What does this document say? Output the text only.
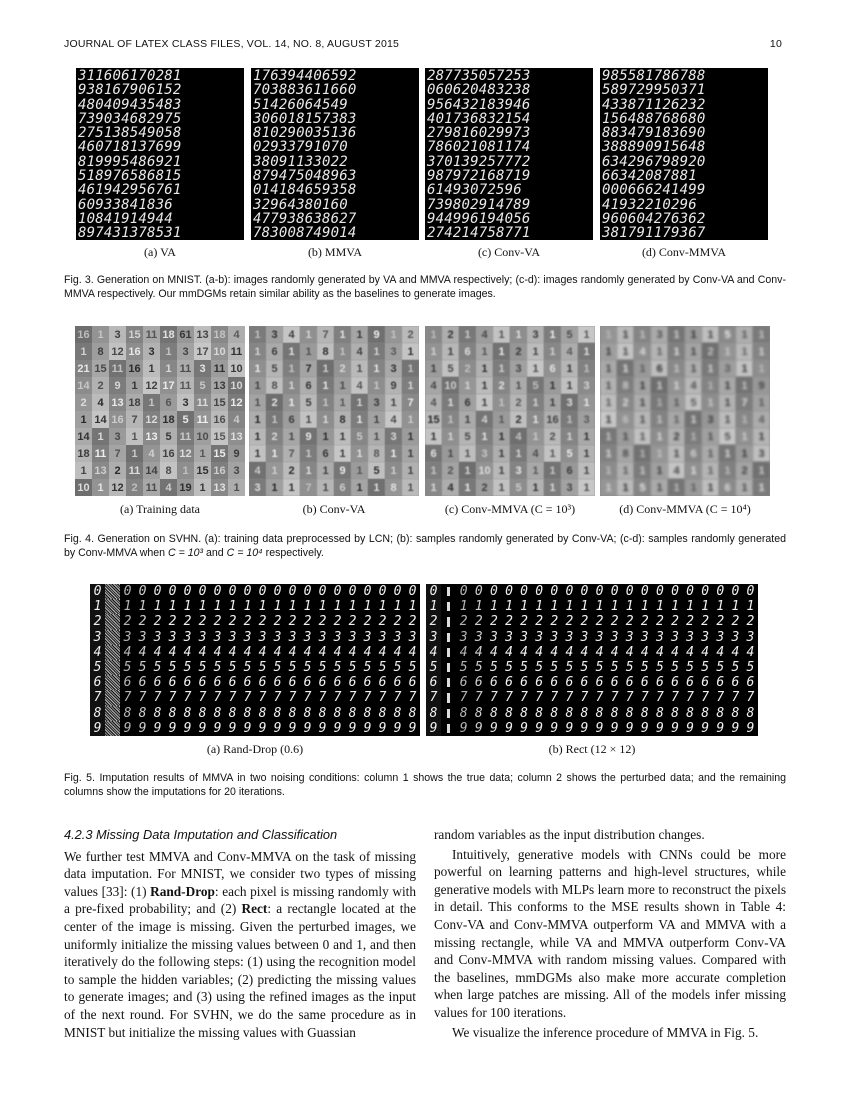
JOURNAL OF LATEX CLASS FILES, VOL. 14, NO. 8, AUGUST 2015	10
311606170281
938167906152
480409435483
739034682975
275138549058
460718137699
819995486921
518976586815
461942956761
60933841836
10841914944
897431378531
176394406592
703883611660
51426064549
306018157383
810290035136
02933791070
38091133022
879475048963
014184659358
32964380160
477938638627
783008749014
287735057253
060620483238
956432183946
401736832154
279816029973
786021081174
370139257772
987972168719
61493072596
739802914789
944996194056
274214758771
985581786788
589729950371
433871126232
156488768680
883479183690
388890915648
634296798920
66342087881
000666241499
41932210296
960604276362
381791179367
(a) VA	(b) MMVA	(c) Conv-VA	(d) Conv-MMVA
Fig. 3. Generation on MNIST. (a-b): images randomly generated by VA and MMVA respectively; (c-d): images randomly generated by Conv-VA and Conv-MMVA respectively. Our mmDGMs retain similar ability as the baselines to generate images.
16 1 3 15 11 18 61 13 18 4
1 8 12 16 3 1 3 17 10 11
21 15 11 16 1 1 11 3 11 10
14 2 9 1 12 17 11 5 13 10
2 4 13 18 1 6 3 11 15 12
1 14 16 7 12 18 5 11 16 4
14 1 3 1 13 5 11 10 15 13
18 11 7 1 4 16 12 1 15 9
1 13 2 11 14 8 1 15 16 3
10 1 12 2 11 4 19 1 13 1
1 3 4 1 7 1 1 9 1 2
1 6 1 1 8 1 4 1 3 1
1 5 1 7 1 2 1 1 3 1
1 8 1 6 1 1 4 1 9 1
1 2 1 5 1 1 1 3 1 7
1 1 6 1 1 8 1 1 4 1
1 2 1 9 1 1 5 1 3 1
1 1 7 1 6 1 1 8 1 1
4 1 2 1 1 9 1 5 1 1
3 1 1 7 1 6 1 1 8 1
1 2 1 4 1 1 3 1 5 1
1 1 6 1 1 2 1 1 4 1
1 5 2 1 1 3 1 6 1 1
4 10 1 1 2 1 5 1 1 3
4 1 6 1 1 2 1 1 3 1
15 1 1 4 1 2 1 16 1 3
1 1 5 1 1 4 1 2 1 1
6 1 1 3 1 1 4 1 5 1
1 2 1 10 1 3 1 1 6 1
1 4 1 2 1 5 1 1 3 1
1 1 1 3 1 1 1 5 1 1
1 1 4 1 1 1 2 1 1 1
1 1 1 6 1 1 1 3 1 1
1 8 1 1 1 4 1 1 1 9
1 2 1 1 1 5 1 1 7 1
1 6 1 1 1 1 3 1 1 4
1 1 1 1 2 1 1 5 1 1
1 8 1 1 1 6 1 1 1 3
1 1 1 1 4 1 1 1 2 1
1 1 5 1 1 1 1 6 1 1
(a) Training data	(b) Conv-VA	(c) Conv-MMVA (C = 10³)	(d) Conv-MMVA (C = 10⁴)
Fig. 4. Generation on SVHN. (a): training data preprocessed by LCN; (b): samples randomly generated by Conv-VA; (c-d): samples randomly generated by Conv-MMVA when C = 10³ and C = 10⁴ respectively.
0 0 0 0 0 0 0 0 0 0 0 0 0 0 0 0 0 0 0 0 0
1 1 1 1 1 1 1 1 1 1 1 1 1 1 1 1 1 1 1 1 1
2 2 2 2 2 2 2 2 2 2 2 2 2 2 2 2 2 2 2 2 2
3 3 3 3 3 3 3 3 3 3 3 3 3 3 3 3 3 3 3 3 3
4 4 4 4 4 4 4 4 4 4 4 4 4 4 4 4 4 4 4 4 4
5 5 5 5 5 5 5 5 5 5 5 5 5 5 5 5 5 5 5 5 5
6 6 6 6 6 6 6 6 6 6 6 6 6 6 6 6 6 6 6 6 6
7 7 7 7 7 7 7 7 7 7 7 7 7 7 7 7 7 7 7 7 7
8 8 8 8 8 8 8 8 8 8 8 8 8 8 8 8 8 8 8 8 8
9 9 9 9 9 9 9 9 9 9 9 9 9 9 9 9 9 9 9 9 9
0 0 0 0 0 0 0 0 0 0 0 0 0 0 0 0 0 0 0 0 0
1 1 1 1 1 1 1 1 1 1 1 1 1 1 1 1 1 1 1 1 1
2 2 2 2 2 2 2 2 2 2 2 2 2 2 2 2 2 2 2 2 2
3 3 3 3 3 3 3 3 3 3 3 3 3 3 3 3 3 3 3 3 3
4 4 4 4 4 4 4 4 4 4 4 4 4 4 4 4 4 4 4 4 4
5 5 5 5 5 5 5 5 5 5 5 5 5 5 5 5 5 5 5 5 5
6 6 6 6 6 6 6 6 6 6 6 6 6 6 6 6 6 6 6 6 6
7 7 7 7 7 7 7 7 7 7 7 7 7 7 7 7 7 7 7 7 7
8 8 8 8 8 8 8 8 8 8 8 8 8 8 8 8 8 8 8 8 8
9 9 9 9 9 9 9 9 9 9 9 9 9 9 9 9 9 9 9 9 9
(a) Rand-Drop (0.6)	(b) Rect (12 × 12)
Fig. 5. Imputation results of MMVA in two noising conditions: column 1 shows the true data; column 2 shows the perturbed data; and the remaining columns show the imputations for 20 iterations.
4.2.3 Missing Data Imputation and Classification

We further test MMVA and Conv-MMVA on the task of missing data imputation. For MNIST, we consider two types of missing values [33]: (1) Rand-Drop: each pixel is missing randomly with a pre-fixed probability; and (2) Rect: a rectangle located at the center of the image is missing. Given the perturbed images, we uniformly initialize the missing values between 0 and 1, and then iteratively do the following steps: (1) using the recognition model to sample the hidden variables; (2) predicting the missing values to generate images; and (3) using the refined images as the input of the next round. For SVHN, we do the same procedure as in MNIST but initialize the missing values with Guassian

random variables as the input distribution changes.

Intuitively, generative models with CNNs could be more powerful on learning patterns and high-level structures, while generative models with MLPs learn more to reconstruct the pixels in detail. This conforms to the MSE results shown in Table 4: Conv-VA and Conv-MMVA outperform VA and MMVA with a missing rectangle, while VA and MMVA outperform Conv-VA and Conv-MMVA with random missing values. Compared with the baselines, mmDGMs also make more accurate completion when large patches are missing. All of the models infer missing values for 100 iterations.

We visualize the inference procedure of MMVA in Fig. 5.
